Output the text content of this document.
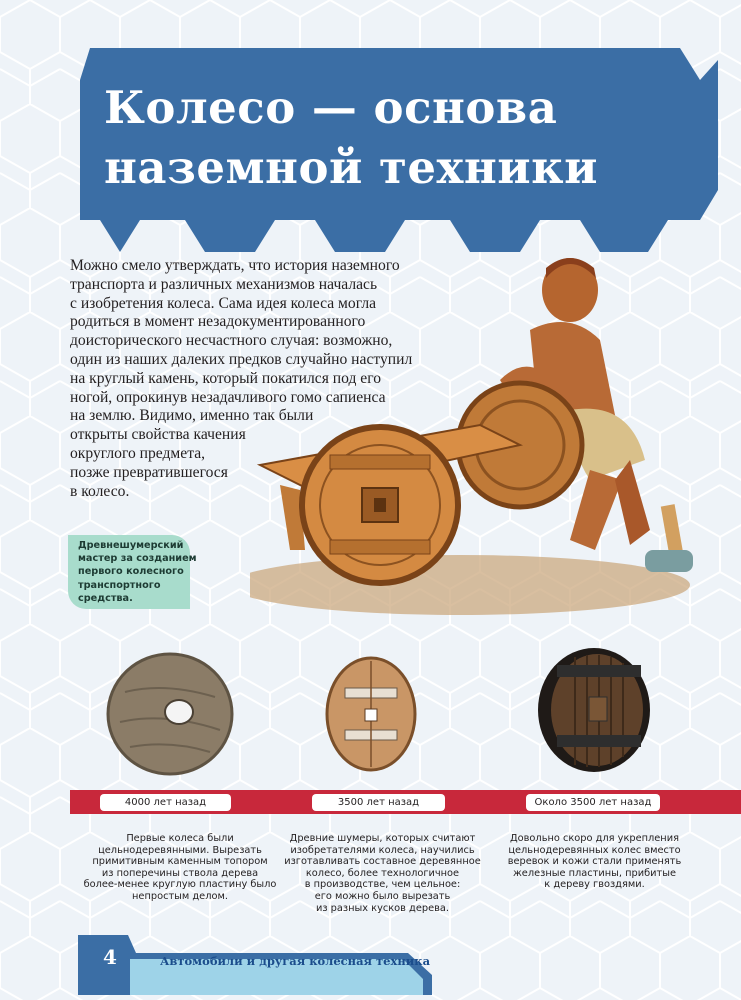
Колесо — основа
наземной техники
Можно смело утверждать, что история наземного
транспорта и различных механизмов началась
с изобретения колеса. Сама идея колеса могла
родиться в момент незадокументированного
доисторического несчастного случая: возможно,
один из наших далеких предков случайно наступил
на круглый камень, который покатился под его
ногой, опрокинув незадачливого гомо сапиенса
на землю. Видимо, именно так были
открыты свойства качения
округлого предмета,
позже превратившегося
в колесо.
Древнешумерский
мастер за созданием
первого колесного
транспортного
средства.
4000 лет назад	3500 лет назад	Около 3500 лет назад
Первые колеса были
цельнодеревянными. Вырезать
примитивным каменным топором
из поперечины ствола дерева
более-менее круглую пластину было
непростым делом.
Древние шумеры, которых считают
изобретателями колеса, научились
изготавливать составное деревянное
колесо, более технологичное
в производстве, чем цельное:
его можно было вырезать
из разных кусков дерева.
Довольно скоро для укрепления
цельнодеревянных колес вместо
веревок и кожи стали применять
железные пластины, прибитые
к дереву гвоздями.
4	Автомобили и другая колесная техника
